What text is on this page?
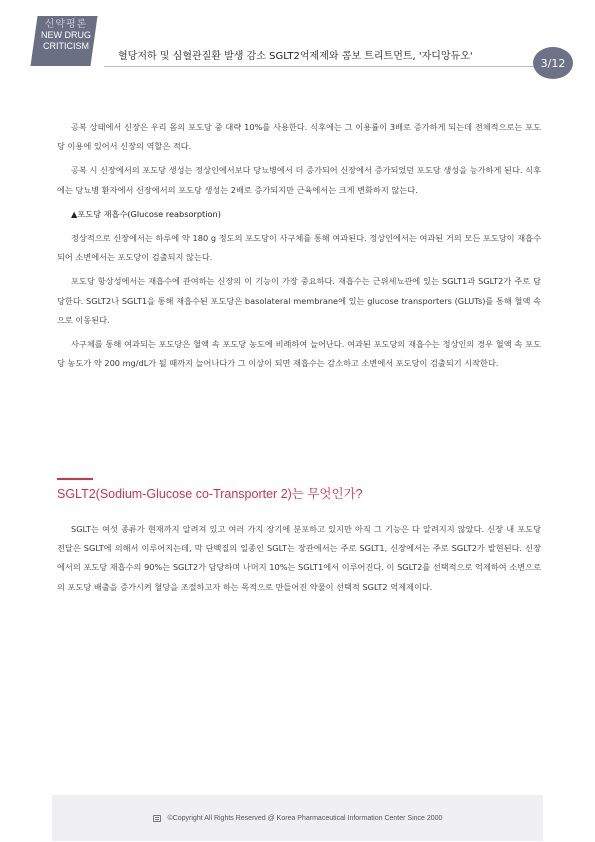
신약평론
NEW DRUG
CRITICISM
혈당저하 및 심혈관질환 발생 감소 SGLT2억제제와 콤보 트리트먼트, '자디앙듀오'	3/12

공복 상태에서 신장은 우리 몸의 포도당 중 대략 10%를 사용한다. 식후에는 그 이용률이 3배로 증가하게 되는데 전체적으로는 포도당 이용에 있어서 신장의 역할은 적다.

공복 시 신장에서의 포도당 생성는 정상인에서보다 당뇨병에서 더 증가되어 신장에서 증가되었던 포도당 생성을 능가하게 된다. 식후에는 당뇨병 환자에서 신장에서의 포도당 생성는 2배로 증가되지만 근육에서는 크게 변화하지 않는다.

▲포도당 재흡수(Glucose reabsorption)

정상적으로 신장에서는 하루에 약 180 g 정도의 포도당이 사구체를 통해 여과된다. 정상인에서는 여과된 거의 모든 포도당이 재흡수되어 소변에서는 포도당이 검출되지 않는다.

포도당 항상성에서는 재흡수에 관여하는 신장의 이 기능이 가장 중요하다. 재흡수는 근위세뇨관에 있는 SGLT1과 SGLT2가 주로 담당한다. SGLT2나 SGLT1을 통해 재흡수된 포도당은 basolateral membrane에 있는 glucose transporters (GLUTs)를 통해 혈액 속으로 이동된다.

사구체를 통해 여과되는 포도당은 혈액 속 포도당 농도에 비례하여 늘어난다. 여과된 포도당의 재흡수는 정상인의 경우 혈액 속 포도당 농도가 약 200 mg/dL가 될 때까지 늘어나다가 그 이상이 되면 재흡수는 감소하고 소변에서 포도당이 검출되기 시작한다.

SGLT2(Sodium-Glucose co-Transporter 2)는 무엇인가?

SGLT는 여섯 종류가 현재까지 알려져 있고 여러 가지 장기에 분포하고 있지만 아직 그 기능은 다 알려지지 않았다. 신장 내 포도당 전달은 SGLT에 의해서 이루어지는데, 막 단백질의 일종인 SGLT는 장관에서는 주로 SGLT1, 신장에서는 주로 SGLT2가 발현된다. 신장에서의 포도당 재흡수의 90%는 SGLT2가 담당하며 나머지 10%는 SGLT1에서 이루어진다. 이 SGLT2를 선택적으로 억제하여 소변으로의 포도당 배출을 증가시켜 혈당을 조절하고자 하는 목적으로 만들어진 약물이 선택적 SGLT2 억제제이다.

©Copyright All Rights Reserved @ Korea Pharmaceutical Information Center Since 2000
